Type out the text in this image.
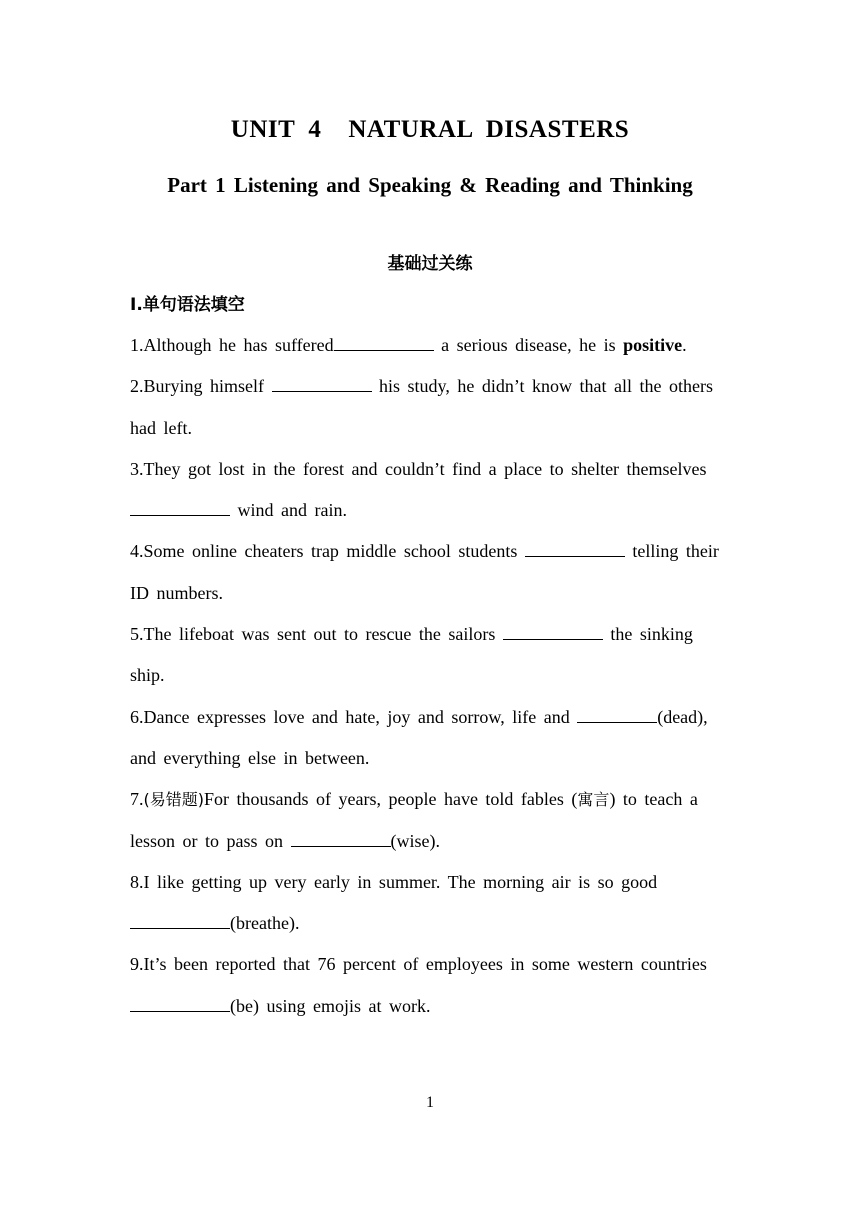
UNIT  4    NATURAL  DISASTERS
Part 1 Listening and Speaking & Reading and Thinking
基础过关练
Ⅰ.单句语法填空

1.Although he has suffered	a serious disease, he is positive.

2.Burying himself	his study, he didn’t know that all the others had left.

3.They got lost in the forest and couldn’t find a place to shelter themselves  wind and rain.

4.Some online cheaters trap middle school students	telling their ID numbers.

5.The lifeboat was sent out to rescue the sailors	the sinking ship.

6.Dance expresses love and hate, joy and sorrow, life and	(dead), and everything else in between.

7.(易错题)For thousands of years, people have told fables (寓言) to teach a lesson or to pass on	(wise).

8.I like getting up very early in summer. The morning air is so good (breathe).

9.It’s been reported that 76 percent of employees in some western countries (be) using emojis at work.

1
